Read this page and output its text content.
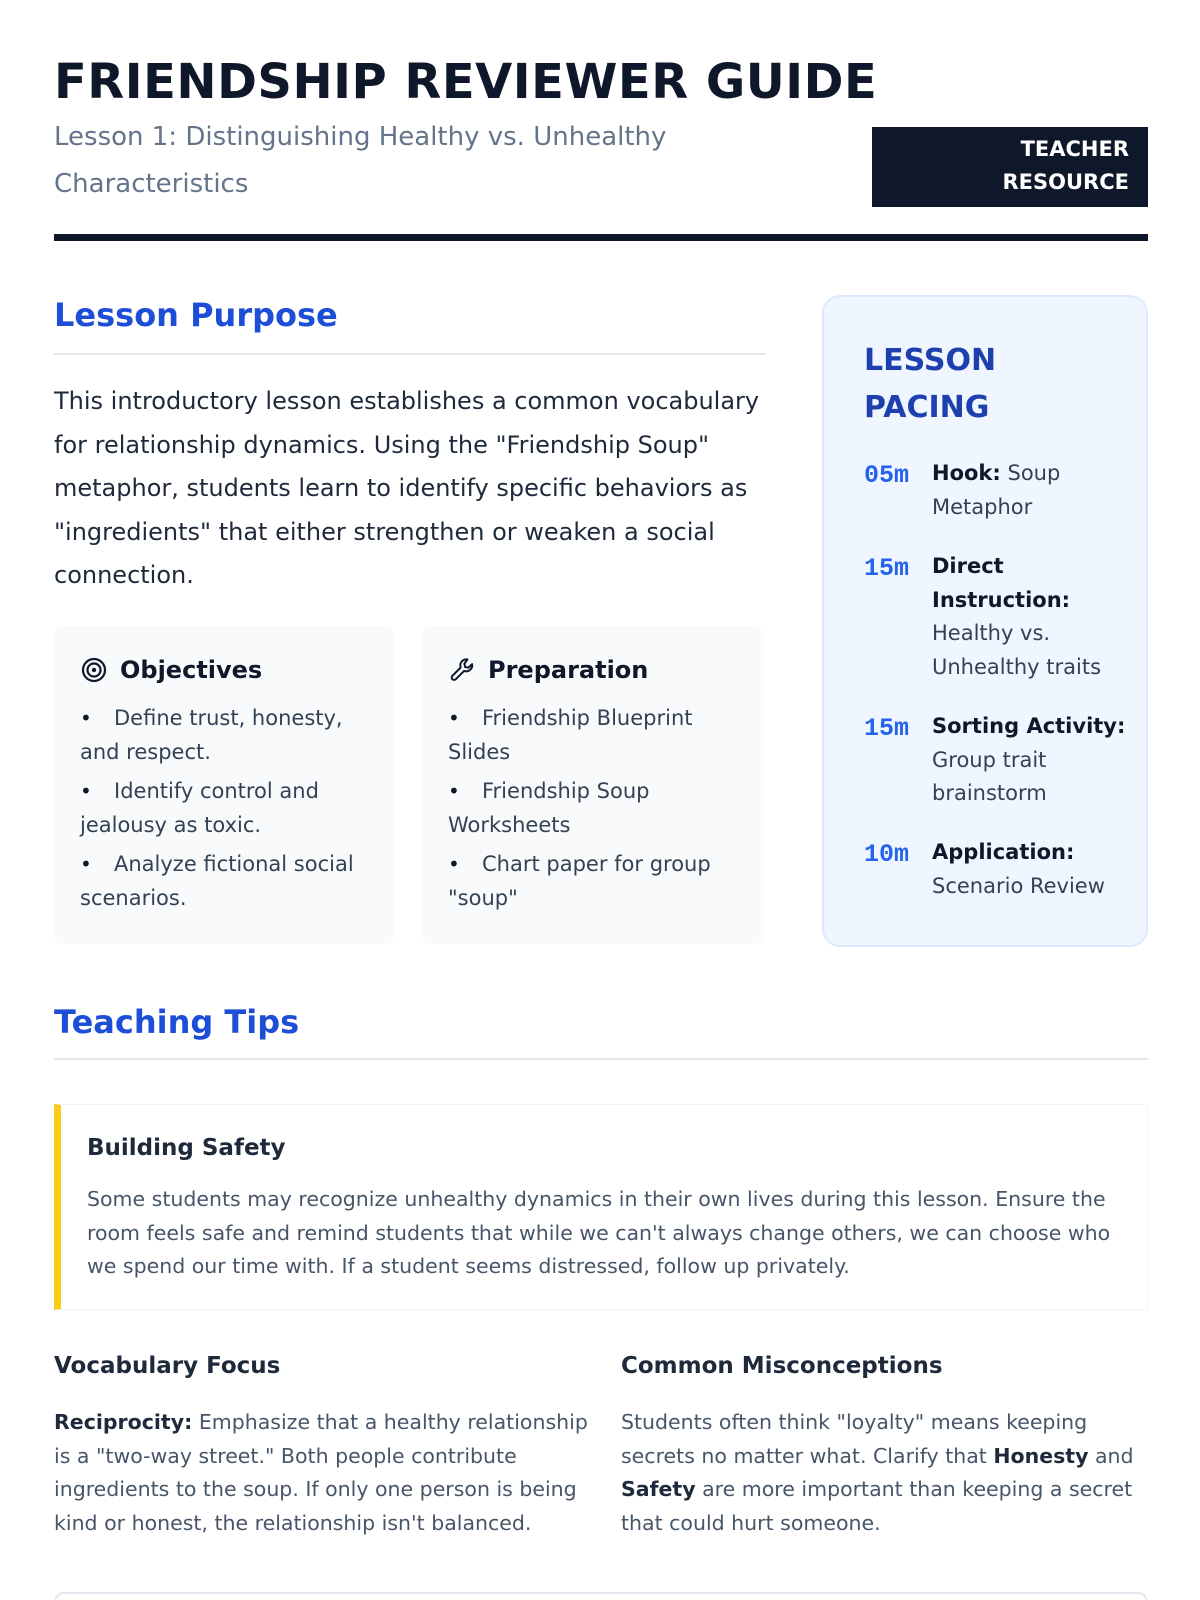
FRIENDSHIP REVIEWER GUIDE
Lesson 1: Distinguishing Healthy vs. Unhealthy Characteristics
TEACHER
RESOURCE
Lesson Purpose
This introductory lesson establishes a common vocabulary for relationship dynamics. Using the "Friendship Soup" metaphor, students learn to identify specific behaviors as "ingredients" that either strengthen or weaken a social connection.
Objectives
• Define trust, honesty, and respect.
• Identify control and jealousy as toxic.
• Analyze fictional social scenarios.
Preparation
• Friendship Blueprint Slides
• Friendship Soup Worksheets
• Chart paper for group "soup"
LESSON PACING
05m Hook: Soup Metaphor
15m Direct Instruction: Healthy vs. Unhealthy traits
15m Sorting Activity: Group trait brainstorm
10m Application: Scenario Review
Teaching Tips
Building Safety
Some students may recognize unhealthy dynamics in their own lives during this lesson. Ensure the room feels safe and remind students that while we can't always change others, we can choose who we spend our time with. If a student seems distressed, follow up privately.
Vocabulary Focus
Reciprocity: Emphasize that a healthy relationship is a "two-way street." Both people contribute ingredients to the soup. If only one person is being kind or honest, the relationship isn't balanced.
Common Misconceptions
Students often think "loyalty" means keeping secrets no matter what. Clarify that Honesty and Safety are more important than keeping a secret that could hurt someone.
